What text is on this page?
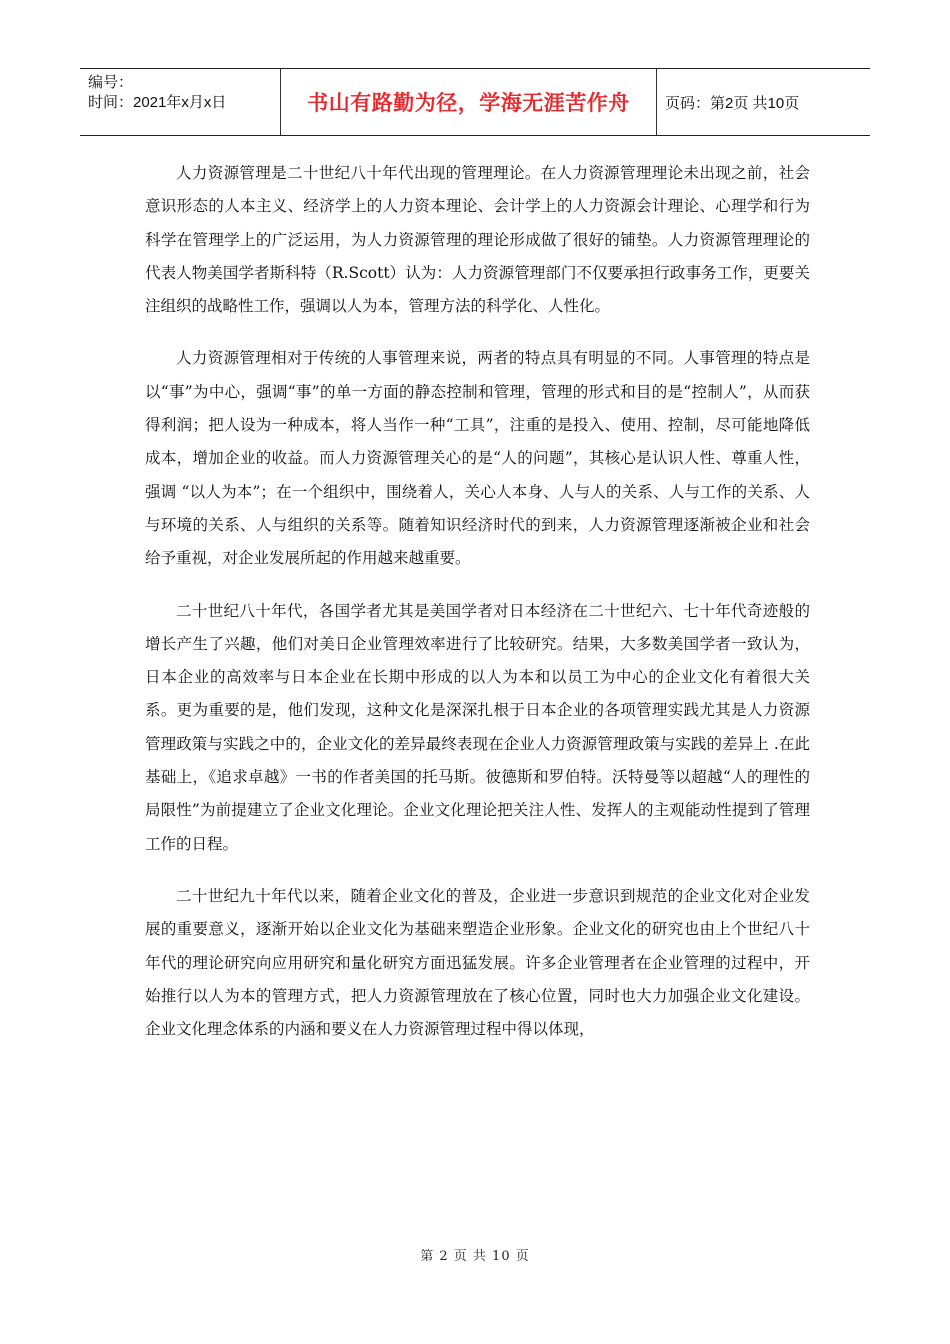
编号：
时间：2021年x月x日	书山有路勤为径，学海无涯苦作舟 页码：第2页 共10页

人力资源管理是二十世纪八十年代出现的管理理论。在人力资源管理理论未出现之前，社会意识形态的人本主义、经济学上的人力资本理论、会计学上的人力资源会计理论、心理学和行为科学在管理学上的广泛运用，为人力资源管理的理论形成做了很好的铺垫。人力资源管理理论的代表人物美国学者斯科特（R.Scott）认为：人力资源管理部门不仅要承担行政事务工作，更要关注组织的战略性工作，强调以人为本，管理方法的科学化、人性化。

人力资源管理相对于传统的人事管理来说，两者的特点具有明显的不同。人事管理的特点是以“事”为中心，强调“事”的单一方面的静态控制和管理，管理的形式和目的是“控制人”，从而获得利润；把人设为一种成本，将人当作一种“工具”，注重的是投入、使用、控制，尽可能地降低成本，增加企业的收益。而人力资源管理关心的是“人的问题”，其核心是认识人性、尊重人性，强调 “以人为本”；在一个组织中，围绕着人，关心人本身、人与人的关系、人与工作的关系、人与环境的关系、人与组织的关系等。随着知识经济时代的到来，人力资源管理逐渐被企业和社会给予重视，对企业发展所起的作用越来越重要。

二十世纪八十年代，各国学者尤其是美国学者对日本经济在二十世纪六、七十年代奇迹般的增长产生了兴趣，他们对美日企业管理效率进行了比较研究。结果，大多数美国学者一致认为，日本企业的高效率与日本企业在长期中形成的以人为本和以员工为中心的企业文化有着很大关系。更为重要的是，他们发现，这种文化是深深扎根于日本企业的各项管理实践尤其是人力资源管理政策与实践之中的，企业文化的差异最终表现在企业人力资源管理政策与实践的差异上 .在此基础上，《追求卓越》一书的作者美国的托马斯。彼德斯和罗伯特。沃特曼等以超越“人的理性的局限性”为前提建立了企业文化理论。企业文化理论把关注人性、发挥人的主观能动性提到了管理工作的日程。

二十世纪九十年代以来，随着企业文化的普及，企业进一步意识到规范的企业文化对企业发展的重要意义，逐渐开始以企业文化为基础来塑造企业形象。企业文化的研究也由上个世纪八十年代的理论研究向应用研究和量化研究方面迅猛发展。许多企业管理者在企业管理的过程中，开始推行以人为本的管理方式，把人力资源管理放在了核心位置，同时也大力加强企业文化建设。企业文化理念体系的内涵和要义在人力资源管理过程中得以体现，

第 2 页 共 10 页
